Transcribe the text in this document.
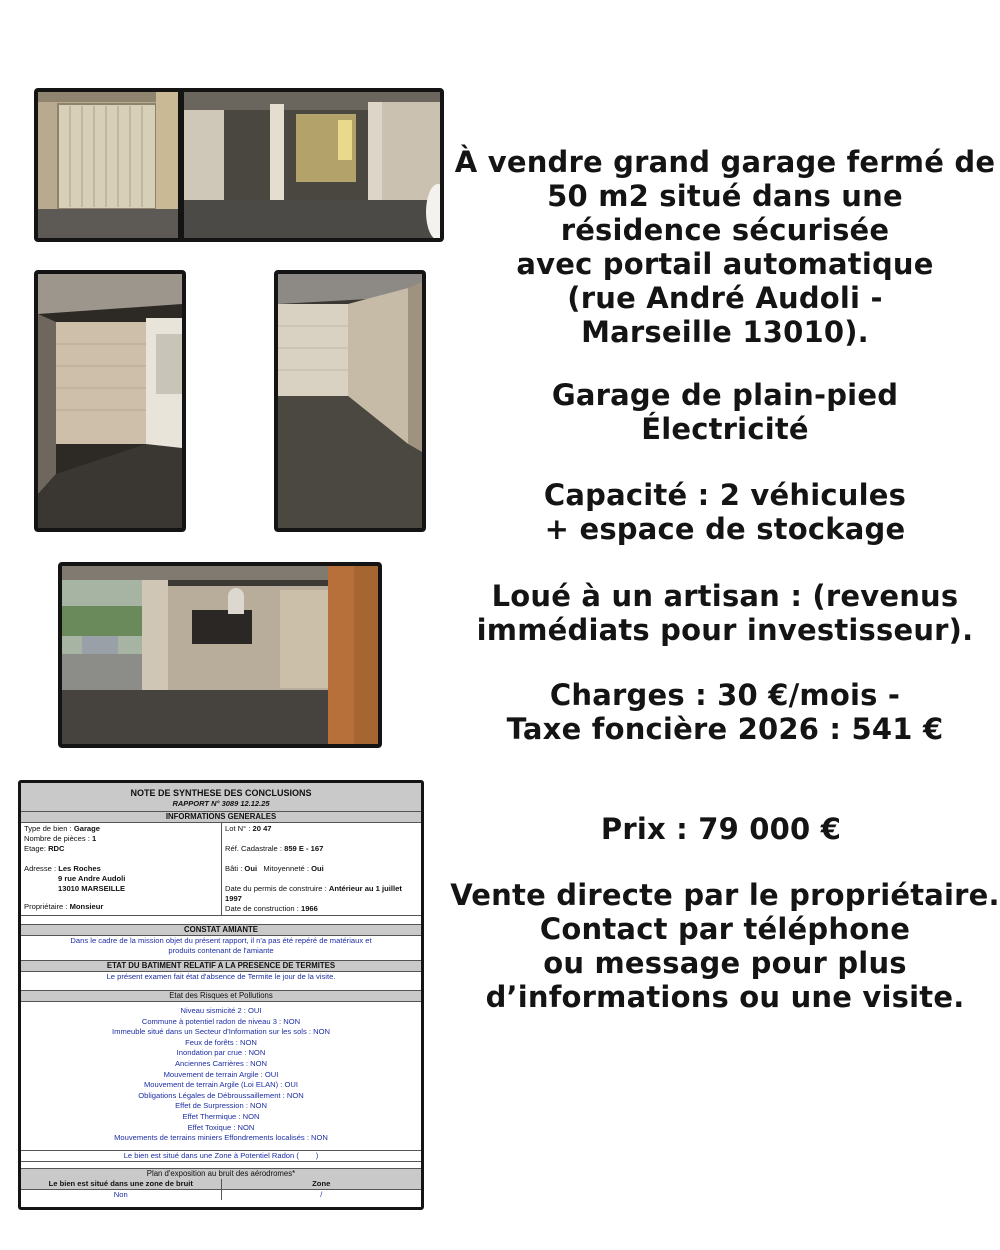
À vendre grand garage fermé de
50 m2 situé dans une
résidence sécurisée
avec portail automatique
(rue André Audoli -
Marseille 13010).
Garage de plain-pied
Électricité
Capacité : 2 véhicules
+ espace de stockage
Loué à un artisan : (revenus
immédiats pour investisseur).
Charges : 30 €/mois -
Taxe foncière 2026 : 541 €
Prix : 79 000 €
Vente directe par le propriétaire.
Contact par téléphone
ou message pour plus
d’informations ou une visite.
NOTE DE SYNTHESE DES CONCLUSIONS
RAPPORT N° 3089 12.12.25
INFORMATIONS GENERALES
Type de bien : Garage
Nombre de pièces : 1
Etage: RDC
Adresse : Les Roches
9 rue Andre Audoli
13010 MARSEILLE
Propriétaire : Monsieur
Lot N° : 20 47
Réf. Cadastrale : 859 E - 167
Bâti : Oui   Mitoyenneté : Oui
Date du permis de construire : Antérieur au 1 juillet
1997
Date de construction : 1966
CONSTAT AMIANTE
Dans le cadre de la mission objet du présent rapport, il n'a pas été repéré de matériaux et
produits contenant de l'amiante
ETAT DU BATIMENT RELATIF A LA PRESENCE DE TERMITES
Le présent examen fait état d'absence de Termite le jour de la visite.
Etat des Risques et Pollutions
Niveau sismicité 2 : OUI
Commune à potentiel radon de niveau 3 : NON
Immeuble situé dans un Secteur d'Information sur les sols : NON
Feux de forêts : NON
Inondation par crue : NON
Anciennes Carrières : NON
Mouvement de terrain Argile : OUI
Mouvement de terrain Argile (Loi ELAN) : OUI
Obligations Légales de Débroussaillement : NON
Effet de Surpression : NON
Effet Thermique : NON
Effet Toxique : NON
Mouvements de terrains miniers Effondrements localisés : NON
Le bien est situé dans une Zone à Potentiel Radon (        )
Plan d'exposition au bruit des aérodromes*
Le bien est situé dans une zone de bruit	Zone
Non	/
